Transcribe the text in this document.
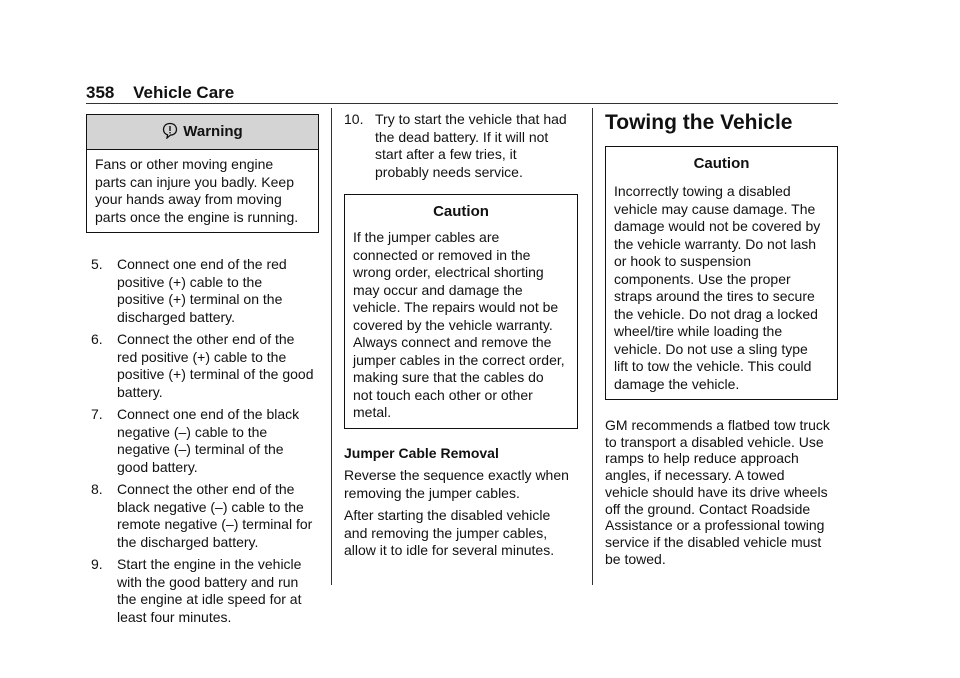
358 Vehicle Care
Warning
Fans or other moving engine
parts can injure you badly. Keep
your hands away from moving
parts once the engine is running.
5.	Connect one end of the red
positive (+) cable to the
positive (+) terminal on the
discharged battery.
6.	Connect the other end of the
red positive (+) cable to the
positive (+) terminal of the good
battery.
7.	Connect one end of the black
negative (–) cable to the
negative (–) terminal of the
good battery.
8.	Connect the other end of the
black negative (–) cable to the
remote negative (–) terminal for
the discharged battery.
9.	Start the engine in the vehicle
with the good battery and run
the engine at idle speed for at
least four minutes.
10. Try to start the vehicle that had
the dead battery. If it will not
start after a few tries, it
probably needs service.
Caution
If the jumper cables are
connected or removed in the
wrong order, electrical shorting
may occur and damage the
vehicle. The repairs would not be
covered by the vehicle warranty.
Always connect and remove the
jumper cables in the correct order,
making sure that the cables do
not touch each other or other
metal.
Jumper Cable Removal
Reverse the sequence exactly when
removing the jumper cables.
After starting the disabled vehicle
and removing the jumper cables,
allow it to idle for several minutes.
Towing the Vehicle
Caution
Incorrectly towing a disabled
vehicle may cause damage. The
damage would not be covered by
the vehicle warranty. Do not lash
or hook to suspension
components. Use the proper
straps around the tires to secure
the vehicle. Do not drag a locked
wheel/tire while loading the
vehicle. Do not use a sling type
lift to tow the vehicle. This could
damage the vehicle.
GM recommends a flatbed tow truck
to transport a disabled vehicle. Use
ramps to help reduce approach
angles, if necessary. A towed
vehicle should have its drive wheels
off the ground. Contact Roadside
Assistance or a professional towing
service if the disabled vehicle must
be towed.
